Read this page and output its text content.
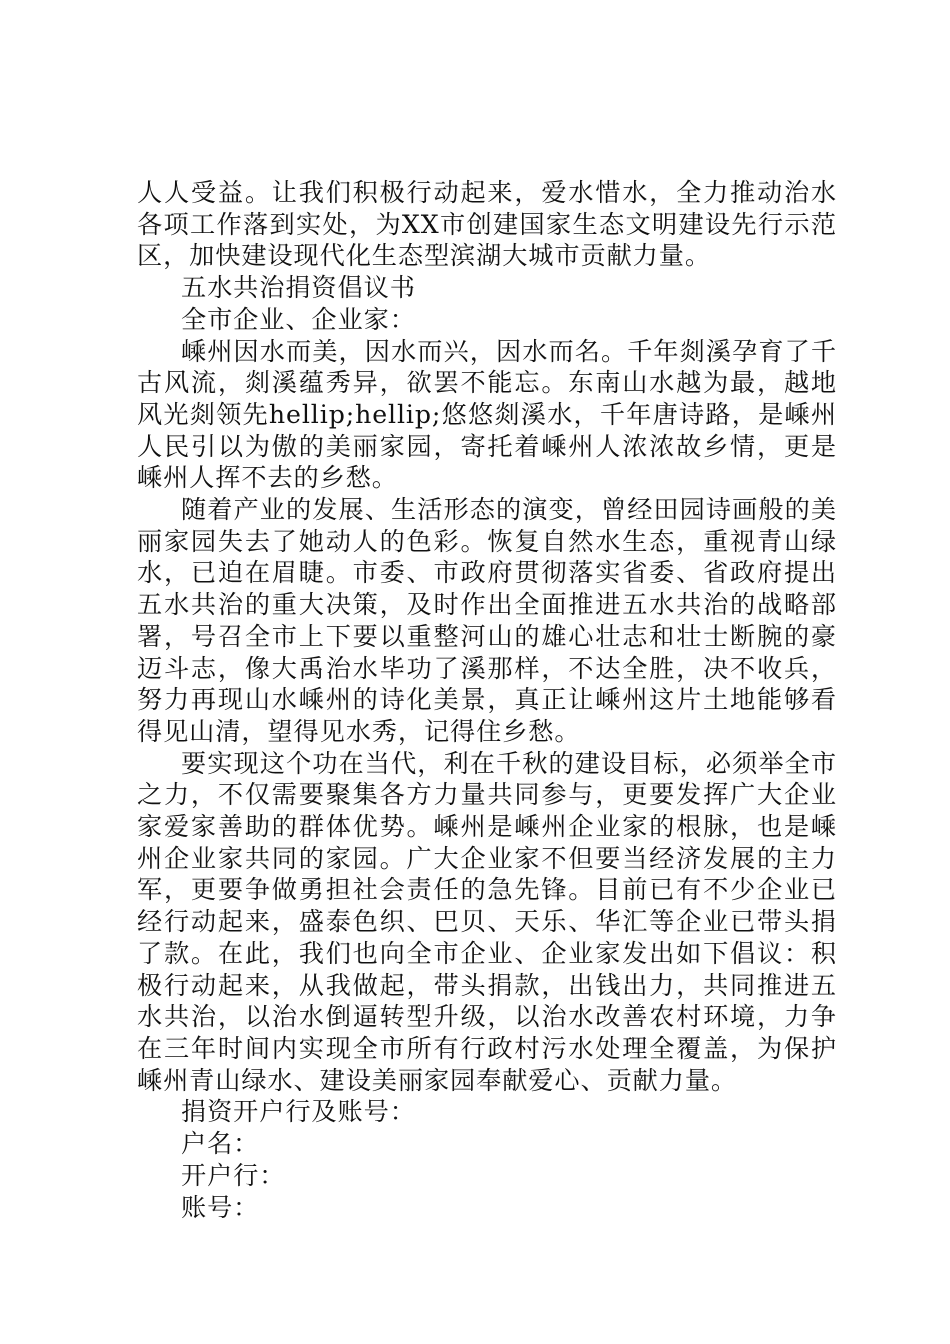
人人受益。让我们积极行动起来，爱水惜水，全力推动治水各项工作落到实处，为XX市创建国家生态文明建设先行示范区，加快建设现代化生态型滨湖大城市贡献力量。

五水共治捐资倡议书

全市企业、企业家：

嵊州因水而美，因水而兴，因水而名。千年剡溪孕育了千古风流，剡溪蕴秀异，欲罢不能忘。东南山水越为最，越地风光剡领先hellip;hellip;悠悠剡溪水，千年唐诗路，是嵊州人民引以为傲的美丽家园，寄托着嵊州人浓浓故乡情，更是嵊州人挥不去的乡愁。

随着产业的发展、生活形态的演变，曾经田园诗画般的美丽家园失去了她动人的色彩。恢复自然水生态，重视青山绿水，已迫在眉睫。市委、市政府贯彻落实省委、省政府提出五水共治的重大决策，及时作出全面推进五水共治的战略部署，号召全市上下要以重整河山的雄心壮志和壮士断腕的豪迈斗志，像大禹治水毕功了溪那样，不达全胜，决不收兵，努力再现山水嵊州的诗化美景，真正让嵊州这片土地能够看得见山清，望得见水秀，记得住乡愁。

要实现这个功在当代，利在千秋的建设目标，必须举全市之力，不仅需要聚集各方力量共同参与，更要发挥广大企业家爱家善助的群体优势。嵊州是嵊州企业家的根脉，也是嵊州企业家共同的家园。广大企业家不但要当经济发展的主力军，更要争做勇担社会责任的急先锋。目前已有不少企业已经行动起来，盛泰色织、巴贝、天乐、华汇等企业已带头捐了款。在此，我们也向全市企业、企业家发出如下倡议：积极行动起来，从我做起，带头捐款，出钱出力，共同推进五水共治，以治水倒逼转型升级，以治水改善农村环境，力争在三年时间内实现全市所有行政村污水处理全覆盖，为保护嵊州青山绿水、建设美丽家园奉献爱心、贡献力量。

捐资开户行及账号：

户名：

开户行：

账号：
